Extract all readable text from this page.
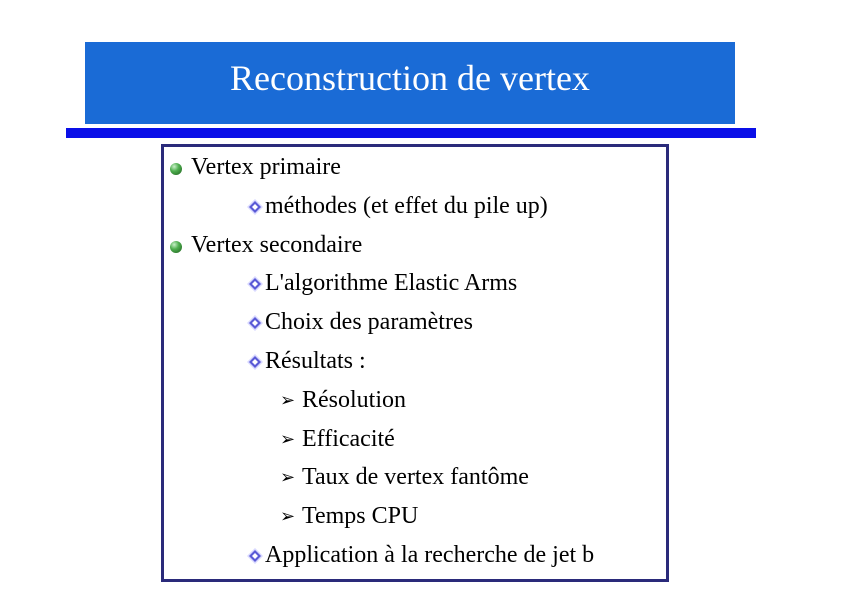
Reconstruction de vertex
Vertex primaire
méthodes (et effet du pile up)
Vertex secondaire
L'algorithme Elastic Arms
Choix des paramètres
Résultats :
➢ Résolution
➢ Efficacité
➢ Taux de vertex fantôme
➢ Temps CPU
Application à la recherche de jet b
